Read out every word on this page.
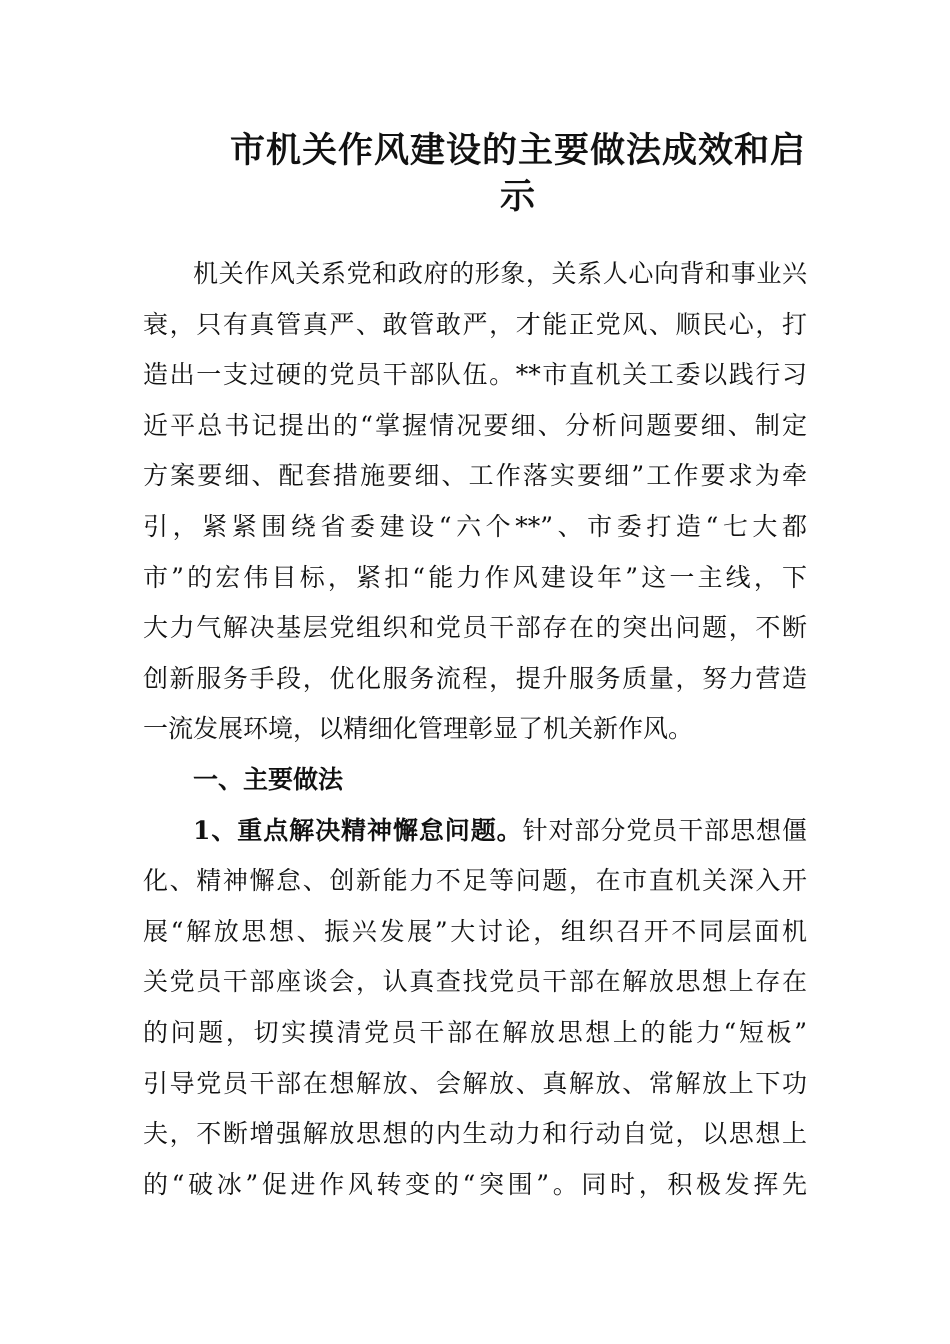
市机关作风建设的主要做法成效和启
示
机关作风关系党和政府的形象，关系人心向背和事业兴
衰，只有真管真严、敢管敢严，才能正党风、顺民心，打
造出一支过硬的党员干部队伍。**市直机关工委以践行习
近平总书记提出的“掌握情况要细、分析问题要细、制定
方案要细、配套措施要细、工作落实要细”工作要求为牵
引，紧紧围绕省委建设“六个**”、市委打造“七大都
市”的宏伟目标，紧扣“能力作风建设年”这一主线，下
大力气解决基层党组织和党员干部存在的突出问题，不断
创新服务手段，优化服务流程，提升服务质量，努力营造
一流发展环境，以精细化管理彰显了机关新作风。
一、主要做法
1、重点解决精神懈怠问题。针对部分党员干部思想僵
化、精神懈怠、创新能力不足等问题，在市直机关深入开
展“解放思想、振兴发展”大讨论，组织召开不同层面机
关党员干部座谈会，认真查找党员干部在解放思想上存在
的问题，切实摸清党员干部在解放思想上的能力“短板”
引导党员干部在想解放、会解放、真解放、常解放上下功
夫，不断增强解放思想的内生动力和行动自觉，以思想上
的“破冰”促进作风转变的“突围”。同时，积极发挥先
